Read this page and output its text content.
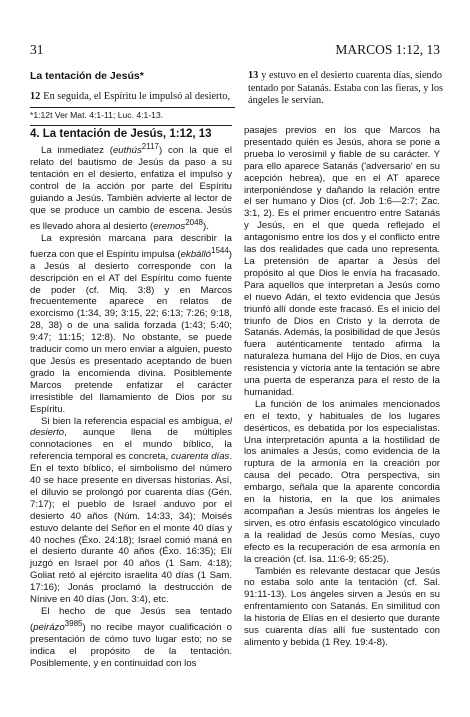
31	MARCOS 1:12, 13

La tentación de Jesús*

12 En seguida, el Espíritu le impulsó al desierto,

13 y estuvo en el desierto cuarenta días, siendo tentado por Satanás. Estaba con las fieras, y los ángeles le servían.
*1:12t Ver Mat. 4:1-11; Luc. 4:1-13.

4. La tentación de Jesús, 1:12, 13

La inmediatez (euthús$^{2117}$) con la que el relato del bautismo de Jesús da paso a su tentación en el desierto, enfatiza el impulso y control de la acción por parte del Espíritu guiando a Jesús. También advierte al lector de que se produce un cambio de escena. Jesús es llevado ahora al desierto (eremos$^{2048}$).

La expresión marcana para describir la fuerza con que el Espíritu impulsa (ekbálló$^{1544}$) a Jesús al desierto corresponde con la descripción en el AT del Espíritu como fuente de poder (cf. Miq. 3:8) y en Marcos frecuentemente aparece en relatos de exorcismo (1:34, 39; 3:15, 22; 6:13; 7:26; 9:18, 28, 38) o de una salida forzada (1:43; 5:40; 9:47; 11:15; 12:8). No obstante, se puede traducir como un mero enviar a alguien, puesto que Jesús es presentado aceptando de buen grado la encomienda divina. Posiblemente Marcos pretende enfatizar el carácter irresistible del llamamiento de Dios por su Espíritu.

Si bien la referencia espacial es ambigua, el desierto, aunque llena de múltiples connotaciones en el mundo bíblico, la referencia temporal es concreta, cuarenta días. En el texto bíblico, el simbolismo del número 40 se hace presente en diversas historias. Así, el diluvio se prolongó por cuarenta días (Gén. 7:17); el pueblo de Israel anduvo por el desierto 40 años (Núm. 14:33, 34); Moisés estuvo delante del Señor en el monte 40 días y 40 noches (Éxo. 24:18); Israel comió maná en el desierto durante 40 años (Éxo. 16:35); Elí juzgó en Israel por 40 años (1 Sam. 4:18); Goliat retó al ejército israelita 40 días (1 Sam. 17:16); Jonás proclamó la destrucción de Nínive en 40 días (Jon. 3:4), etc.

El hecho de que Jesús sea tentado (peirázo$^{3985}$) no recibe mayor cualificación o presentación de cómo tuvo lugar esto; no se indica el propósito de la tentación. Posiblemente, y en continuidad con los

pasajes previos en los que Marcos ha presentado quién es Jesús, ahora se pone a prueba lo verosímil y fiable de su carácter. Y para ello aparece Satanás ('adversario' en su acepción hebrea), que en el AT aparece interponiéndose y dañando la relación entre el ser humano y Dios (cf. Job 1:6—2:7; Zac. 3:1, 2). Es el primer encuentro entre Satanás y Jesús, en el que queda reflejado el antagonismo entre los dos y el conflicto entre las dos realidades que cada uno representa. La pretensión de apartar a Jesús del propósito al que Dios le envía ha fracasado. Para aquellos que interpretan a Jesús como el nuevo Adán, el texto evidencia que Jesús triunfó allí donde este fracasó. Es el inicio del triunfo de Dios en Cristo y la derrota de Satanás. Además, la posibilidad de que Jesús fuera auténticamente tentado afirma la naturaleza humana del Hijo de Dios, en cuya resistencia y victoria ante la tentación se abre una puerta de esperanza para el resto de la humanidad.

La función de los animales mencionados en el texto, y habituales de los lugares desérticos, es debatida por los especialistas. Una interpretación apunta a la hostilidad de los animales a Jesús, como evidencia de la ruptura de la armonía en la creación por causa del pecado. Otra perspectiva, sin embargo, señala que la aparente concordia en la historia, en la que los animales acompañan a Jesús mientras los ángeles le sirven, es otro énfasis escatológico vinculado a la realidad de Jesús como Mesías, cuyo efecto es la recuperación de esa armonía en la creación (cf. Isa. 11:6-9; 65:25).

También es relevante destacar que Jesús no estaba solo ante la tentación (cf. Sal. 91:11-13). Los ángeles sirven a Jesús en su enfrentamiento con Satanás. En similitud con la historia de Elías en el desierto que durante sus cuarenta días allí fue sustentado con alimento y bebida (1 Rey. 19:4-8).
